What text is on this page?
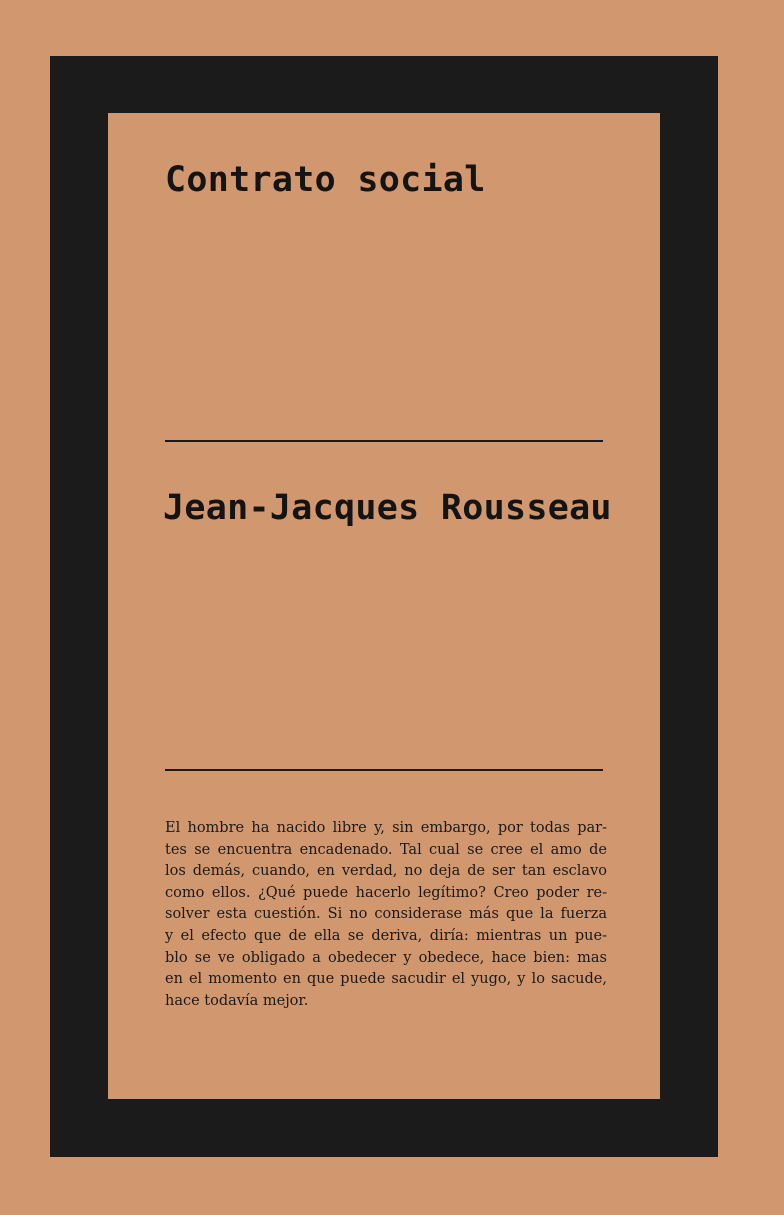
Contrato social
Jean-Jacques Rousseau

El hombre ha nacido libre y, sin embargo, por todas par-
tes se encuentra encadenado. Tal cual se cree el amo de
los demás, cuando, en verdad, no deja de ser tan esclavo
como ellos. ¿Qué puede hacerlo legítimo? Creo poder re-
solver esta cuestión. Si no considerase más que la fuerza
y el efecto que de ella se deriva, diría: mientras un pue-
blo se ve obligado a obedecer y obedece, hace bien: mas
en el momento en que puede sacudir el yugo, y lo sacude,
hace todavía mejor.
